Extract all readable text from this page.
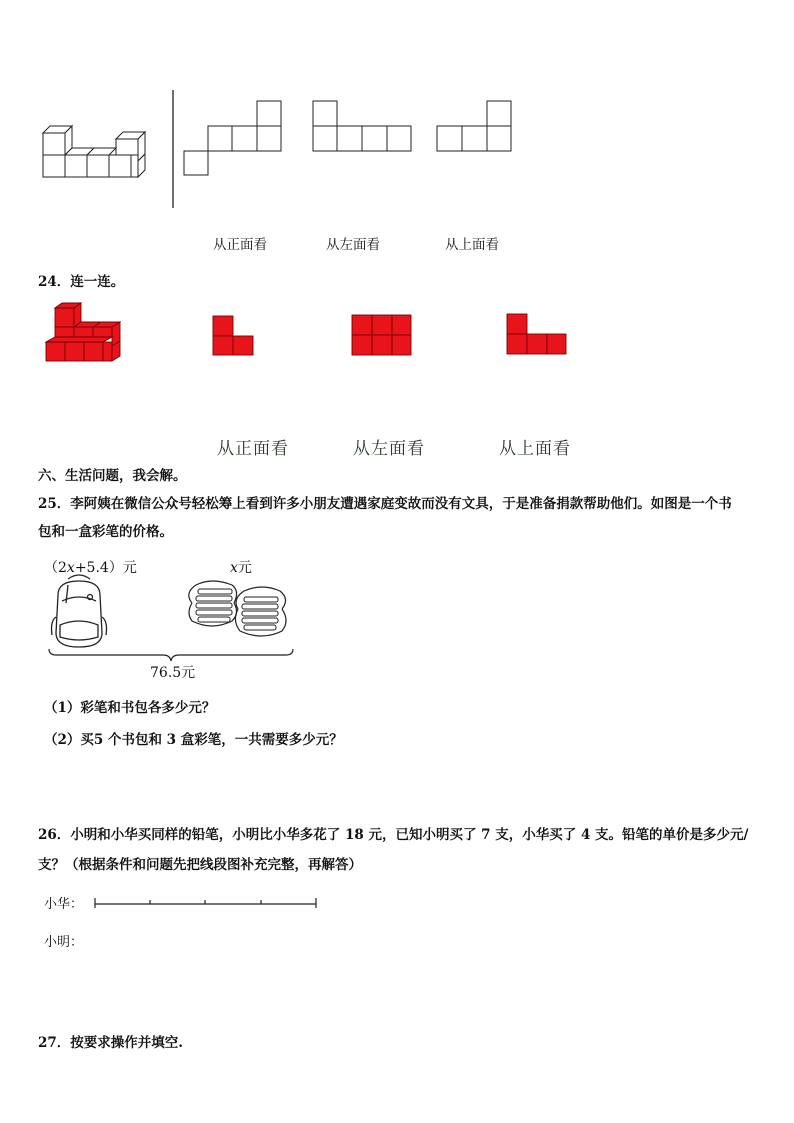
从正面看	从左面看	从上面看
24．连一连。
从正面看	从左面看	从上面看
六、生活问题，我会解。
25．李阿姨在微信公众号轻松筹上看到许多小朋友遭遇家庭变故而没有文具，于是准备捐款帮助他们。如图是一个书
包和一盒彩笔的价格。
（2x+5.4）元	x元
76.5元
（1）彩笔和书包各多少元？
（2）买5 个书包和 3 盒彩笔，一共需要多少元？
26．小明和小华买同样的铅笔，小明比小华多花了 18 元，已知小明买了 7 支，小华买了 4 支。铅笔的单价是多少元/
支？（根据条件和问题先把线段图补充完整，再解答）
小华：
小明：
27．按要求操作并填空.
